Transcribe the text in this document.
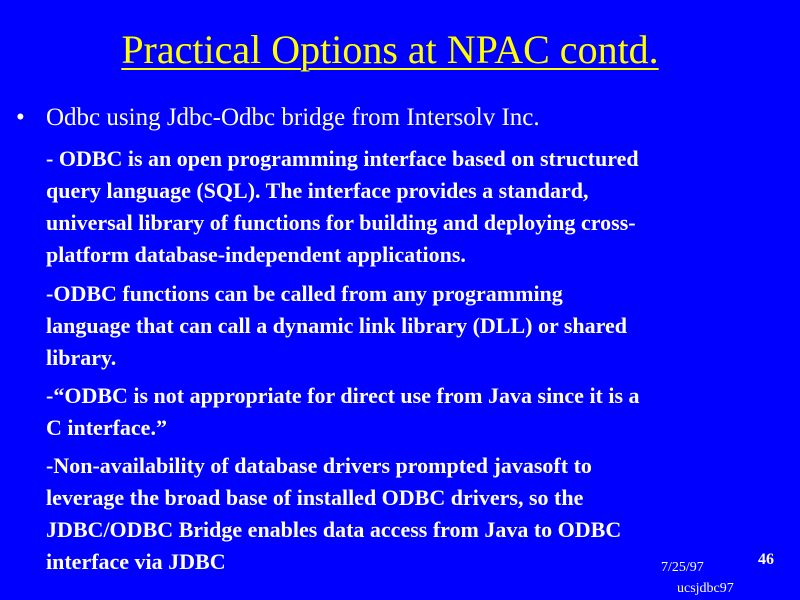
Practical Options at NPAC contd.
• Odbc using Jdbc-Odbc bridge from Intersolv Inc.
- ODBC is an open programming interface based on structured
query language (SQL). The interface provides a standard,
universal library of functions for building and deploying cross-
platform database-independent applications.
-ODBC functions can be called from any programming
language that can call a dynamic link library (DLL) or shared
library.
-“ODBC is not appropriate for direct use from Java since it is a
C interface.”
-Non-availability of database drivers prompted javasoft to
leverage the broad base of installed ODBC drivers, so the
JDBC/ODBC Bridge enables data access from Java to ODBC
interface via JDBC	7/25/97	46
ucsjdbc97
